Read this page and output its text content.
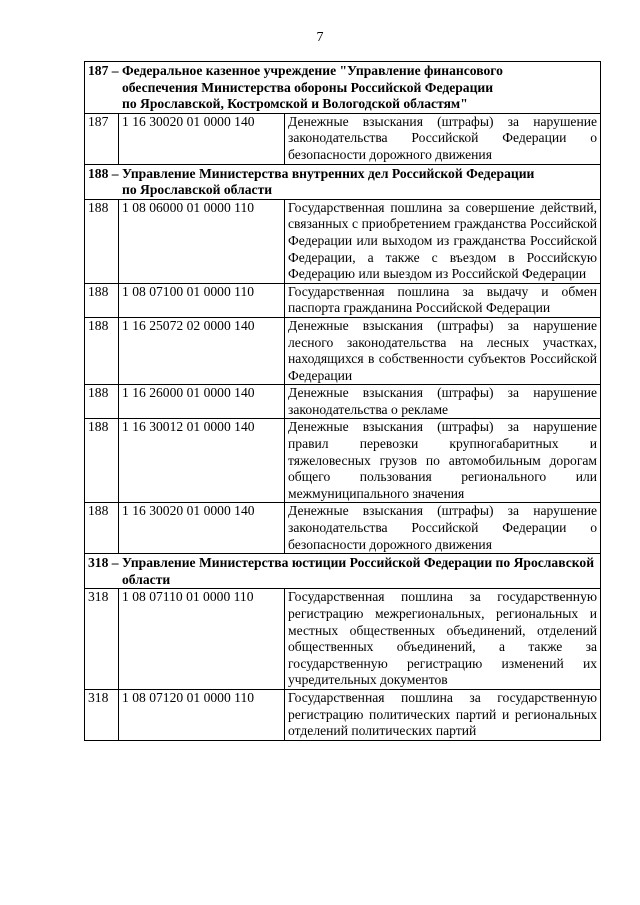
7
187 – Федеральное казенное учреждение "Управление финансового
обеспечения Министерства обороны Российской Федерации
по Ярославской, Костромской и Вологодской областям"		

187	1 16 30020 01 0000 140	Денежные взыскания (штрафы) за нарушение законодательства Российской Федерации о безопасности дорожного движения

188 – Управление Министерства внутренних дел Российской Федерации
по Ярославской области		

188	1 08 06000 01 0000 110	Государственная пошлина за совершение действий, связанных с приобретением гражданства Российской Федерации или выходом из гражданства Российской Федерации, а также с въездом в Российскую Федерацию или выездом из Российской Федерации
188	1 08 07100 01 0000 110	Государственная пошлина за выдачу и обмен паспорта гражданина Российской Федерации
188	1 16 25072 02 0000 140	Денежные взыскания (штрафы) за нарушение лесного законодательства на лесных участках, находящихся в собственности субъектов Российской Федерации
188	1 16 26000 01 0000 140	Денежные взыскания (штрафы) за нарушение законодательства о рекламе
188	1 16 30012 01 0000 140	Денежные взыскания (штрафы) за нарушение правил перевозки крупногабаритных и тяжеловесных грузов по автомобильным дорогам общего пользования регионального или межмуниципального значения
188	1 16 30020 01 0000 140	Денежные взыскания (штрафы) за нарушение законодательства Российской Федерации о безопасности дорожного движения

318 – Управление Министерства юстиции Российской Федерации по Ярославской области		

318	1 08 07110 01 0000 110	Государственная пошлина за государственную регистрацию межрегиональных, региональных и местных общественных объединений, отделений общественных объединений, а также за государственную регистрацию изменений их учредительных документов
318	1 08 07120 01 0000 110	Государственная пошлина за государственную регистрацию политических партий и региональных отделений политических партий
